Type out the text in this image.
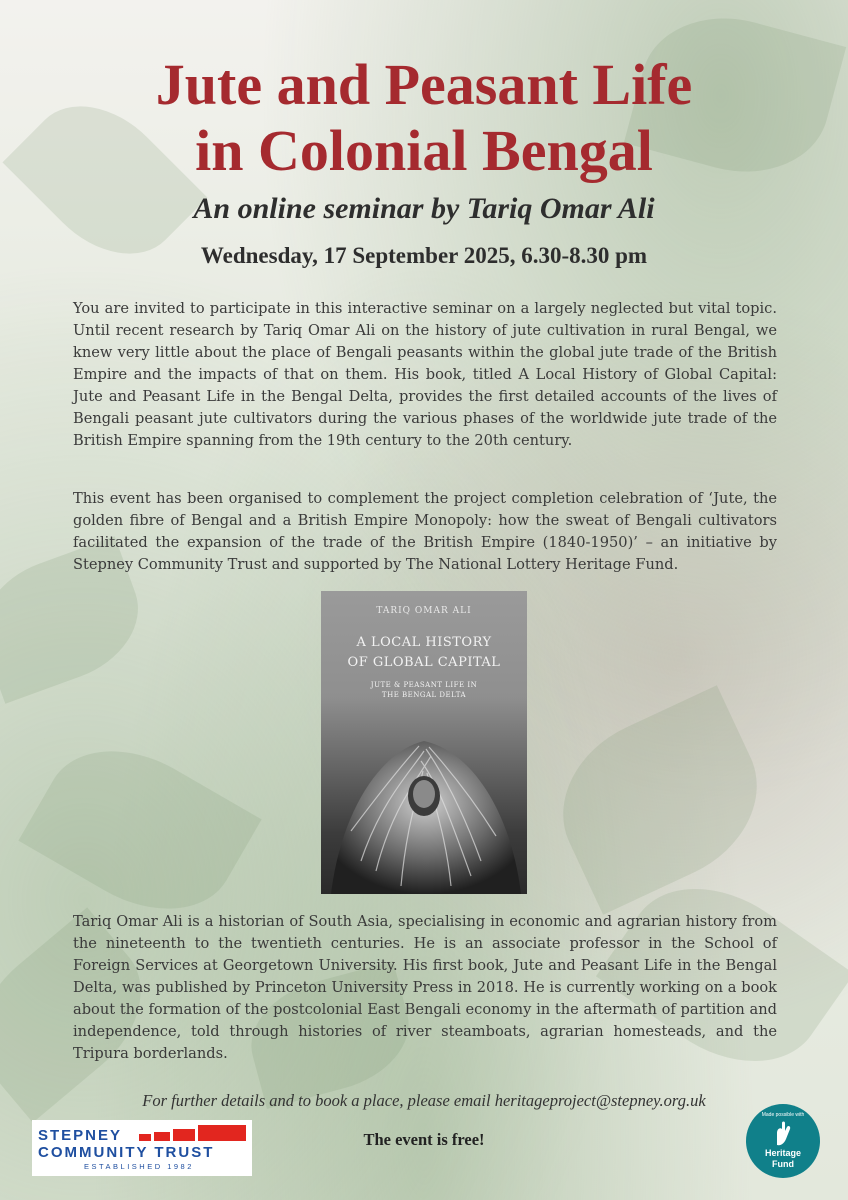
Jute and Peasant Life
in Colonial Bengal
An online seminar by Tariq Omar Ali
Wednesday, 17 September 2025, 6.30-8.30 pm

You are invited to participate in this interactive seminar on a largely neglected but vital topic. Until recent research by Tariq Omar Ali on the history of jute cultivation in rural Bengal, we knew very little about the place of Bengali peasants within the global jute trade of the British Empire and the impacts of that on them. His book, titled A Local History of Global Capital: Jute and Peasant Life in the Bengal Delta, provides the first detailed accounts of the lives of Bengali peasant jute cultivators during the various phases of the worldwide jute trade of the British Empire spanning from the 19th century to the 20th century.

This event has been organised to complement the project completion celebration of ‘Jute, the golden fibre of Bengal and a British Empire Monopoly: how the sweat of Bengali cultivators facilitated the expansion of the trade of the British Empire (1840-1950)’ – an initiative by Stepney Community Trust and supported by The National Lottery Heritage Fund.

TARIQ OMAR ALI
A LOCAL HISTORY
OF GLOBAL CAPITAL
JUTE & PEASANT LIFE IN
THE BENGAL DELTA

Tariq Omar Ali is a historian of South Asia, specialising in economic and agrarian history from the nineteenth to the twentieth centuries. He is an associate professor in the School of Foreign Services at Georgetown University. His first book, Jute and Peasant Life in the Bengal Delta, was published by Princeton University Press in 2018. He is currently working on a book about the formation of the postcolonial East Bengali economy in the aftermath of partition and independence, told through histories of river steamboats, agrarian homesteads, and the Tripura borderlands.

For further details and to book a place, please email heritageproject@stepney.org.uk
The event is free!
STEPNEY
COMMUNITY TRUST
ESTABLISHED 1982
Made possible with
Heritage
Fund
